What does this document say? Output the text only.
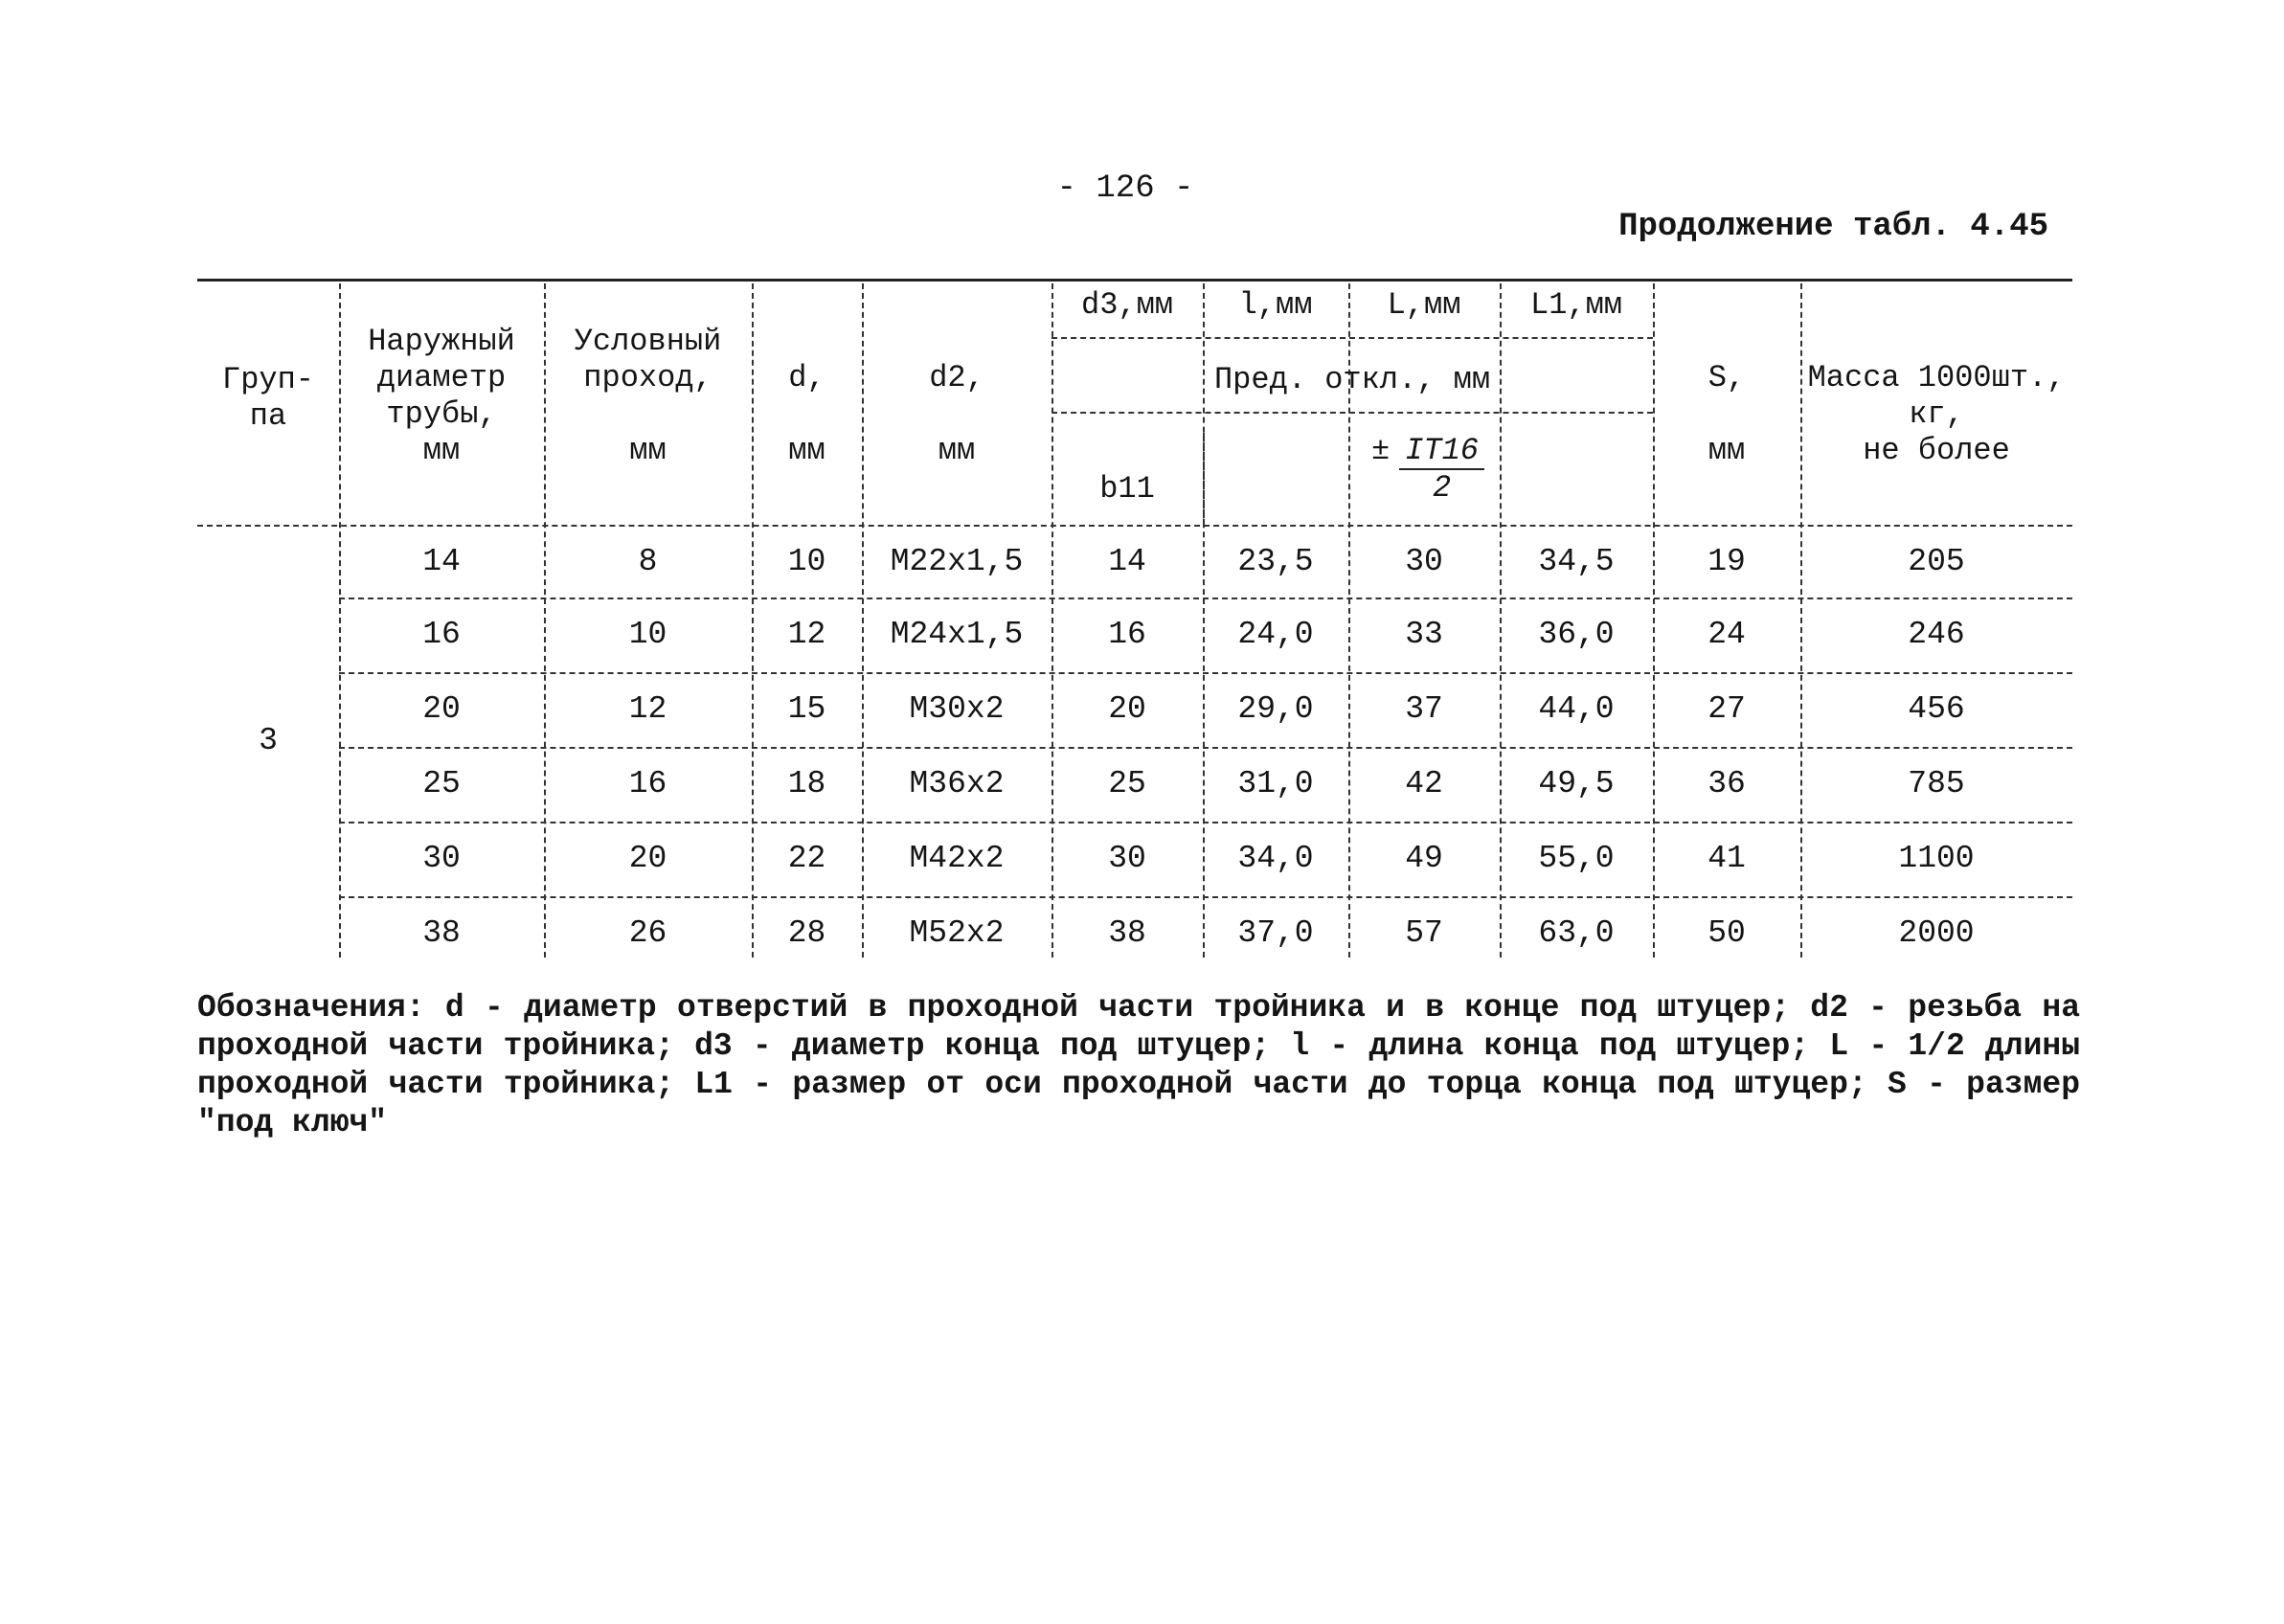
- 126 -
Продолжение табл. 4.45
Груп-
па
Наружный
диаметр
трубы,
мм
Условный
проход,

мм
d,

мм
d2,

мм
d3,мм	l,мм	L,мм	L1,мм
Пред. откл., мм
b11
± $\frac{IT16}{2}$
S,

мм
Масса 1000шт.,
кг,
не более
3
14	8	10	М22х1,5	14	23,5	30	34,5	19	205
16	10	12	М24х1,5	16	24,0	33	36,0	24	246
20	12	15	М30х2	20	29,0	37	44,0	27	456
25	16	18	М36х2	25	31,0	42	49,5	36	785
30	20	22	М42х2	30	34,0	49	55,0	41	1100
38	26	28	М52х2	38	37,0	57	63,0	50	2000
Обозначения: d - диаметр отверстий в проходной части тройника и в конце под штуцер; d2 - резьба на проходной части тройника; d3 - диаметр конца под штуцер; l - длина конца под штуцер; L - 1/2 длины проходной части тройника; L1 - размер от оси проходной части до торца конца под штуцер; S - размер "под ключ"
